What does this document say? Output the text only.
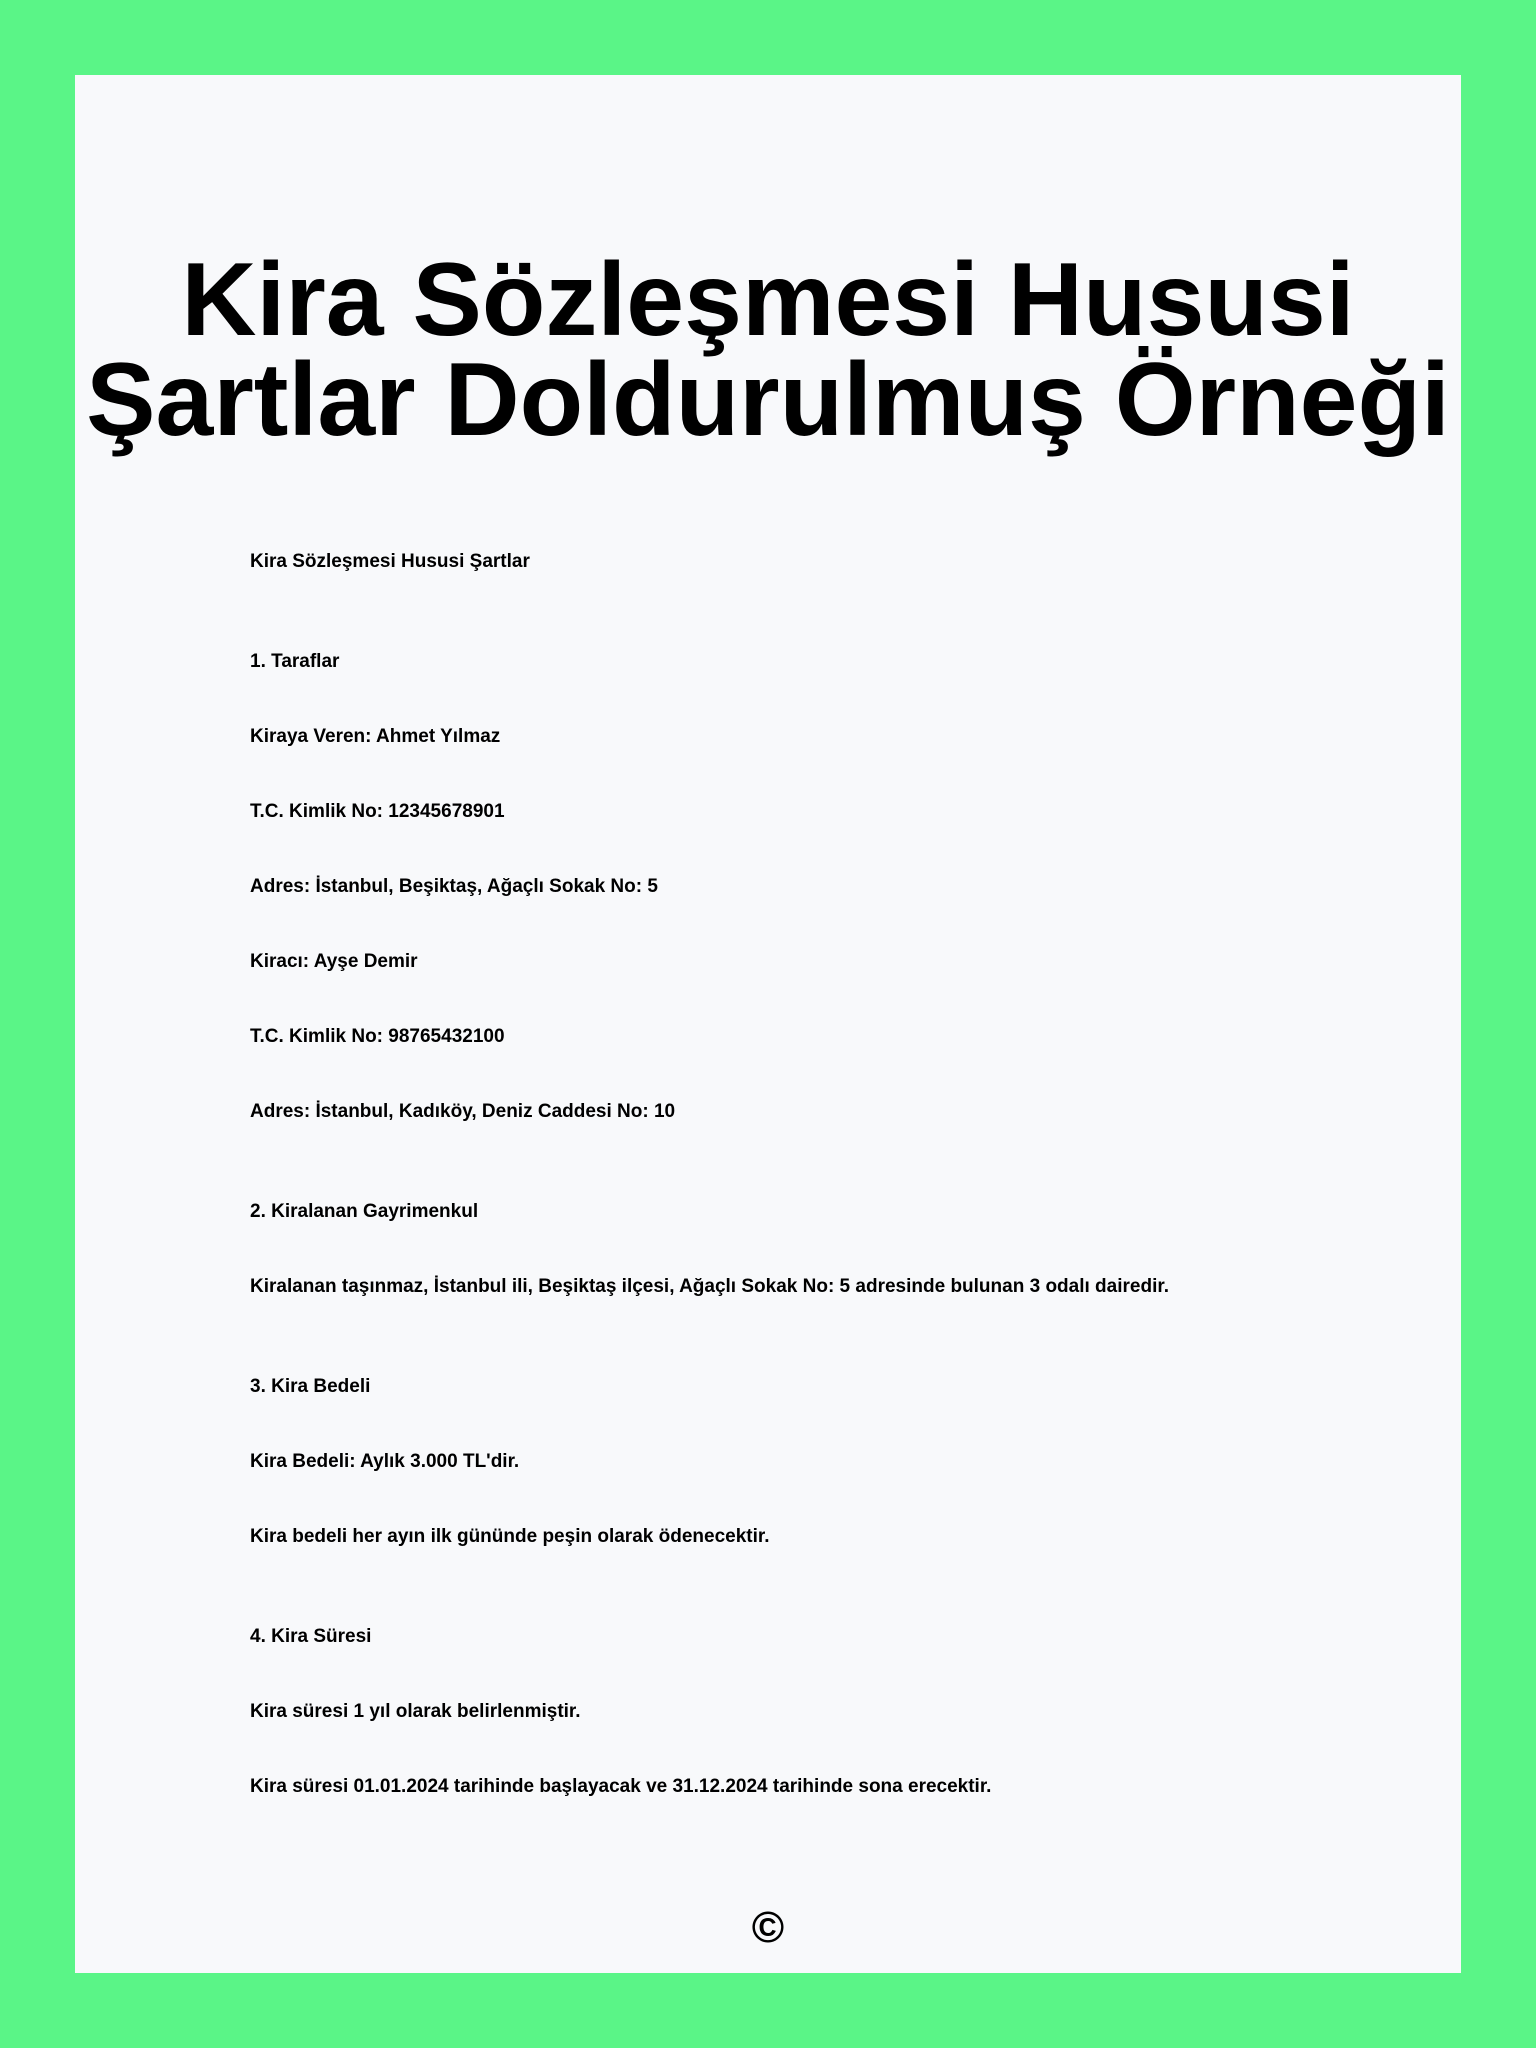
Kira Sözleşmesi Hususi Şartlar Doldurulmuş Örneği
Kira Sözleşmesi Hususi Şartlar
1. Taraflar
Kiraya Veren: Ahmet Yılmaz
T.C. Kimlik No: 12345678901
Adres: İstanbul, Beşiktaş, Ağaçlı Sokak No: 5
Kiracı: Ayşe Demir
T.C. Kimlik No: 98765432100
Adres: İstanbul, Kadıköy, Deniz Caddesi No: 10
2. Kiralanan Gayrimenkul
Kiralanan taşınmaz, İstanbul ili, Beşiktaş ilçesi, Ağaçlı Sokak No: 5 adresinde bulunan 3 odalı dairedir.
3. Kira Bedeli
Kira Bedeli: Aylık 3.000 TL'dir.
Kira bedeli her ayın ilk gününde peşin olarak ödenecektir.
4. Kira Süresi
Kira süresi 1 yıl olarak belirlenmiştir.
Kira süresi 01.01.2024 tarihinde başlayacak ve 31.12.2024 tarihinde sona erecektir.
©
